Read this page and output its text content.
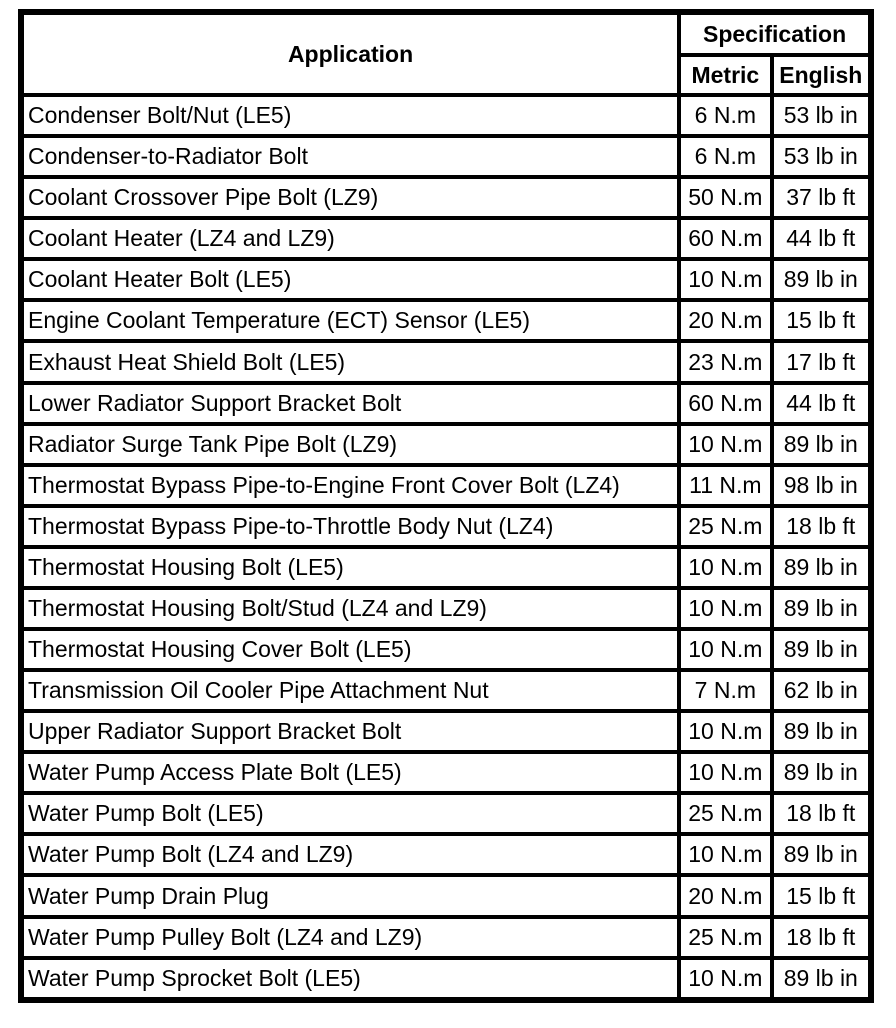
Application	Specification	
	Metric	English
Condenser Bolt/Nut (LE5)	6 N.m	53 lb in
Condenser-to-Radiator Bolt	6 N.m	53 lb in
Coolant Crossover Pipe Bolt (LZ9)	50 N.m	37 lb ft
Coolant Heater (LZ4 and LZ9)	60 N.m	44 lb ft
Coolant Heater Bolt (LE5)	10 N.m	89 lb in
Engine Coolant Temperature (ECT) Sensor (LE5)	20 N.m	15 lb ft
Exhaust Heat Shield Bolt (LE5)	23 N.m	17 lb ft
Lower Radiator Support Bracket Bolt	60 N.m	44 lb ft
Radiator Surge Tank Pipe Bolt (LZ9)	10 N.m	89 lb in
Thermostat Bypass Pipe-to-Engine Front Cover Bolt (LZ4)	11 N.m	98 lb in
Thermostat Bypass Pipe-to-Throttle Body Nut (LZ4)	25 N.m	18 lb ft
Thermostat Housing Bolt (LE5)	10 N.m	89 lb in
Thermostat Housing Bolt/Stud (LZ4 and LZ9)	10 N.m	89 lb in
Thermostat Housing Cover Bolt (LE5)	10 N.m	89 lb in
Transmission Oil Cooler Pipe Attachment Nut	7 N.m	62 lb in
Upper Radiator Support Bracket Bolt	10 N.m	89 lb in
Water Pump Access Plate Bolt (LE5)	10 N.m	89 lb in
Water Pump Bolt (LE5)	25 N.m	18 lb ft
Water Pump Bolt (LZ4 and LZ9)	10 N.m	89 lb in
Water Pump Drain Plug	20 N.m	15 lb ft
Water Pump Pulley Bolt (LZ4 and LZ9)	25 N.m	18 lb ft
Water Pump Sprocket Bolt (LE5)	10 N.m	89 lb in
